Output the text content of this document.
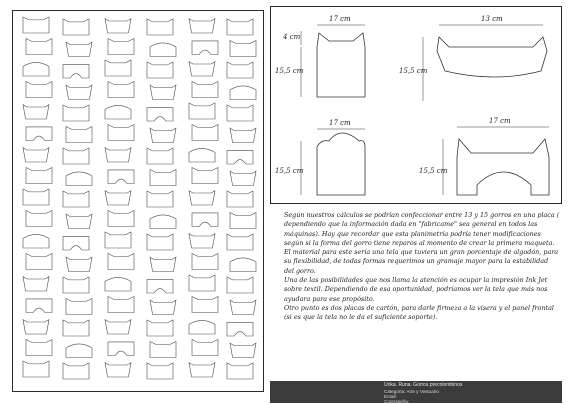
17 cm
4 cm
15,5 cm
13 cm
15,5 cm
17 cm
15,5 cm
17 cm
15,5 cm

Según nuestros cálculos se podrían confeccionar entre 13 y 15 gorros en una placa ( dependiendo que la información dada en "fabricame" sea general en todos las máquinas). Hay que recordar que esta planimetría podría tener modificaciones según si la forma del gorro tiene reparos al momento de crear la primera maqueta.

El material para este sería una tela que tuviera un gran porcentaje de algodón, para su flexibilidad, de todas formas requerimos un gramaje mayor para la estabilidad del gorro.

Una de las posibilidades que nos llama la atención es ocupar la impresión Ink Jet sobre textil. Dependiendo de esa oportunidad, podríamos ver la tela que más nos ayudara para ese propósito.

Otro punto es dos placas de cartón, para darle firmeza a la visera y el panel frontal (si es que la tela no le da el suficiente soporte).

Unka. Runa. Gorros precolombinos
Categoría: Arte y Vestuario
Email:
Contraseña:
